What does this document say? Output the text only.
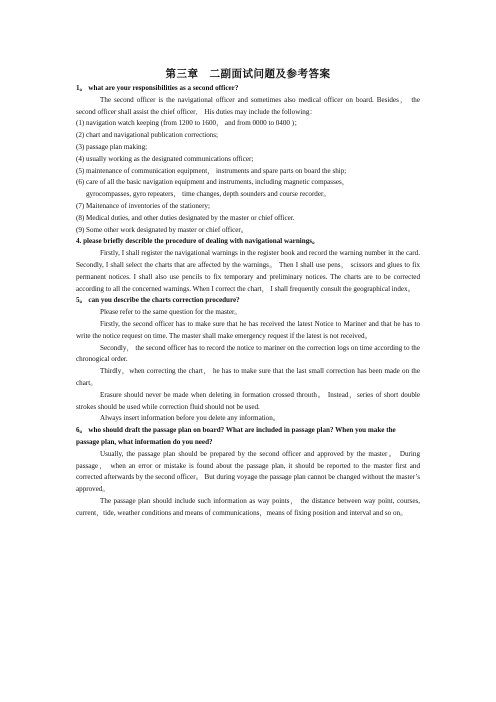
第三章　二副面试问题及参考答案

1。 what are your responsibilities as a second officer?

The second officer is the navigational officer and sometimes also medical officer on board. Besides， the second officer shall assist the chief officer． His duties may include the following：

(1) navigation watch keeping (from 1200 to 1600， and from 0000 to 0400 )；

(2) chart and navigational publication corrections;

(3) passage plan making;

(4) usually working as the designated communications officer;

(5) maintenance of communication equipment， instruments and spare parts on board the ship;

(6) care of all the basic navigation equipment and instruments, including magnetic compasses，

gyrocompasses, gyro repeaters， time changes, depth sounders and course recorder。

(7) Maitenance of inventories of the stationery;

(8) Medical duties, and other duties designated by the master or chief officer.

(9) Some other work designated by master or chief officer。

4. please briefly describle the procedure of dealing with navigational warnings。

Firstly, I shall register the navigational warnings in the register book and record the warning number in the card. Secondly, I shall select the charts that are affected by the warnings。 Then I shall use pens， scissors and glues to fix permanent notices. I shall also use pencils to fix temporary and preliminary notices. The charts are to be corrected according to all the concerned warnings. When I correct the chart， I shall frequently consult the geographical index。

5。 can you describe the charts correction procedure?

Please refer to the same question for the master。

Firstly, the second officer has to make sure that he has received the latest Notice to Mariner and that he has to write the notice request on time. The master shall make emergency request if the latest is not received。

Secondly， the second officer has to record the notice to mariner on the correction logs on time according to the chronogical order.

Thirdly，when correcting the chart， he has to make sure that the last small correction has been made on the chart。

Erasure should never be made when deleting in formation crossed throuth。 Instead，series of short double strokes should be used while correction fluid should not be used.

Always insert information before you delete any information。

6。 who should draft the passage plan on board? What are included in passage plan? When you make the passage plan, what information do you need?

Usually, the passage plan should be prepared by the second officer and approved by the master。 During passage， when an error or mistake is found about the passage plan, it should be reported to the master first and corrected afterwards by the second officer。 But during voyage the passage plan cannot be changed without the master’s approved。

The passage plan should include such information as way points， the distance between way point, courses, current，tide, weather conditions and means of communications，means of fixing position and interval and so on。
